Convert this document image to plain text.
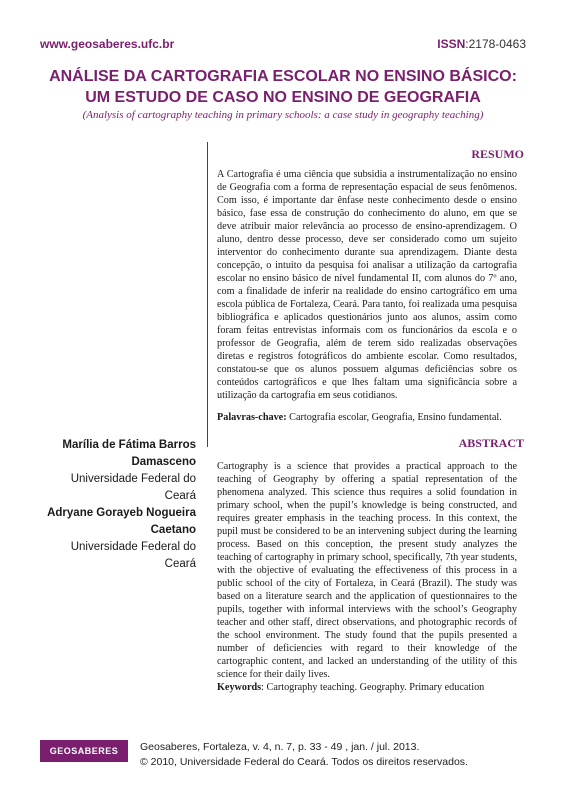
www.geosaberes.ufc.br	ISSN:2178-0463
ANÁLISE DA CARTOGRAFIA ESCOLAR NO ENSINO BÁSICO: UM ESTUDO DE CASO NO ENSINO DE GEOGRAFIA
(Analysis of cartography teaching in primary schools: a case study in geography teaching)
RESUMO
A Cartografia é uma ciência que subsidia a instrumentalização no ensino de Geografia com a forma de representação espacial de seus fenômenos. Com isso, é importante dar ênfase neste conhecimento desde o ensino básico, fase essa de construção do conhecimento do aluno, em que se deve atribuir maior relevância ao processo de ensino-aprendizagem. O aluno, dentro desse processo, deve ser considerado como um sujeito interventor do conhecimento durante sua aprendizagem. Diante desta concepção, o intuito da pesquisa foi analisar a utilização da cartografia escolar no ensino básico de nível fundamental II, com alunos do 7º ano, com a finalidade de inferir na realidade do ensino cartográfico em uma escola pública de Fortaleza, Ceará. Para tanto, foi realizada uma pesquisa bibliográfica e aplicados questionários junto aos alunos, assim como foram feitas entrevistas informais com os funcionários da escola e o professor de Geografia, além de terem sido realizadas observações diretas e registros fotográficos do ambiente escolar. Como resultados, constatou-se que os alunos possuem algumas deficiências sobre os conteúdos cartográficos e que lhes faltam uma significância sobre a utilização da cartografia em seus cotidianos.
Palavras-chave: Cartografia escolar, Geografia, Ensino fundamental.
ABSTRACT
Cartography is a science that provides a practical approach to the teaching of Geography by offering a spatial representation of the phenomena analyzed. This science thus requires a solid foundation in primary school, when the pupil’s knowledge is being constructed, and requires greater emphasis in the teaching process. In this context, the pupil must be considered to be an intervening subject during the learning process. Based on this conception, the present study analyzes the teaching of cartography in primary school, specifically, 7th year students, with the objective of evaluating the effectiveness of this process in a public school of the city of Fortaleza, in Ceará (Brazil). The study was based on a literature search and the application of questionnaires to the pupils, together with informal interviews with the school’s Geography teacher and other staff, direct observations, and photographic records of the school environment. The study found that the pupils presented a number of deficiencies with regard to their knowledge of the cartographic content, and lacked an understanding of the utility of this science for their daily lives.
Keywords: Cartography teaching. Geography. Primary education
Marília de Fátima Barros
Damasceno
Universidade Federal do Ceará
Adryane Gorayeb Nogueira
Caetano
Universidade Federal do Ceará
GEOSABERES	Geosaberes, Fortaleza, v. 4, n. 7, p. 33 - 49 , jan. / jul. 2013.
© 2010, Universidade Federal do Ceará. Todos os direitos reservados.
